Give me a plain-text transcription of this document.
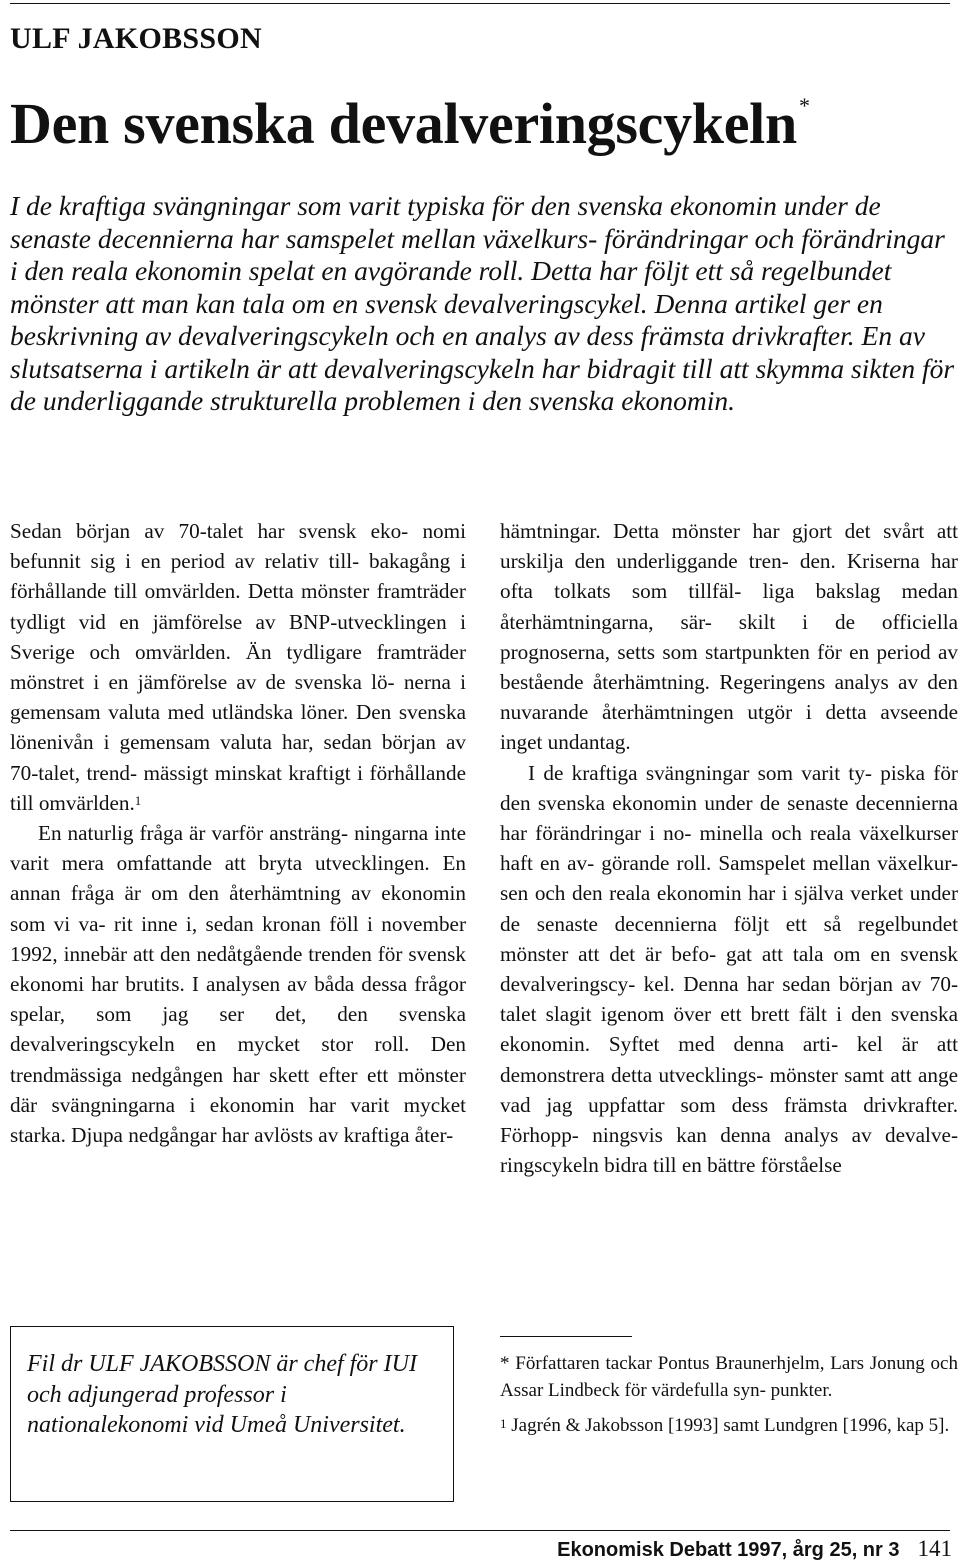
ULF JAKOBSSON
Den svenska devalveringscykeln*

I de kraftiga svängningar som varit typiska för den svenska ekonomin under de senaste decennierna har samspelet mellan växelkurs- förändringar och förändringar i den reala ekonomin spelat en avgörande roll. Detta har följt ett så regelbundet mönster att man kan tala om en svensk devalveringscykel. Denna artikel ger en beskrivning av devalveringscykeln och en analys av dess främsta drivkrafter. En av slutsatserna i artikeln är att devalveringscykeln har bidragit till att skymma sikten för de underliggande strukturella problemen i den svenska ekonomin.

Sedan början av 70-talet har svensk eko- nomi befunnit sig i en period av relativ till- bakagång i förhållande till omvärlden. Detta mönster framträder tydligt vid en jämförelse av BNP-utvecklingen i Sverige och omvärlden. Än tydligare framträder mönstret i en jämförelse av de svenska lö- nerna i gemensam valuta med utländska löner. Den svenska lönenivån i gemensam valuta har, sedan början av 70-talet, trend- mässigt minskat kraftigt i förhållande till omvärlden.$^1$

En naturlig fråga är varför ansträng- ningarna inte varit mera omfattande att bryta utvecklingen. En annan fråga är om den återhämtning av ekonomin som vi va- rit inne i, sedan kronan föll i november 1992, innebär att den nedåtgående trenden för svensk ekonomi har brutits. I analysen av båda dessa frågor spelar, som jag ser det, den svenska devalveringscykeln en mycket stor roll. Den trendmässiga nedgången har skett efter ett mönster där svängningarna i ekonomin har varit mycket starka. Djupa nedgångar har avlösts av kraftiga åter-

hämtningar. Detta mönster har gjort det svårt att urskilja den underliggande tren- den. Kriserna har ofta tolkats som tillfäl- liga bakslag medan återhämtningarna, sär- skilt i de officiella prognoserna, setts som startpunkten för en period av bestående återhämtning. Regeringens analys av den nuvarande återhämtningen utgör i detta avseende inget undantag.

I de kraftiga svängningar som varit ty- piska för den svenska ekonomin under de senaste decennierna har förändringar i no- minella och reala växelkurser haft en av- görande roll. Samspelet mellan växelkur- sen och den reala ekonomin har i själva verket under de senaste decennierna följt ett så regelbundet mönster att det är befo- gat att tala om en svensk devalveringscy- kel. Denna har sedan början av 70-talet slagit igenom över ett brett fält i den svenska ekonomin. Syftet med denna arti- kel är att demonstrera detta utvecklings- mönster samt att ange vad jag uppfattar som dess främsta drivkrafter. Förhopp- ningsvis kan denna analys av devalve- ringscykeln bidra till en bättre förståelse

Fil dr ULF JAKOBSSON är chef för IUI och adjungerad professor i nationalekonomi vid Umeå Universitet.

* Författaren tackar Pontus Braunerhjelm, Lars Jonung och Assar Lindbeck för värdefulla syn- punkter.

$^1$ Jagrén & Jakobsson [1993] samt Lundgren [1996, kap 5].

Ekonomisk Debatt 1997, årg 25, nr 3 141
